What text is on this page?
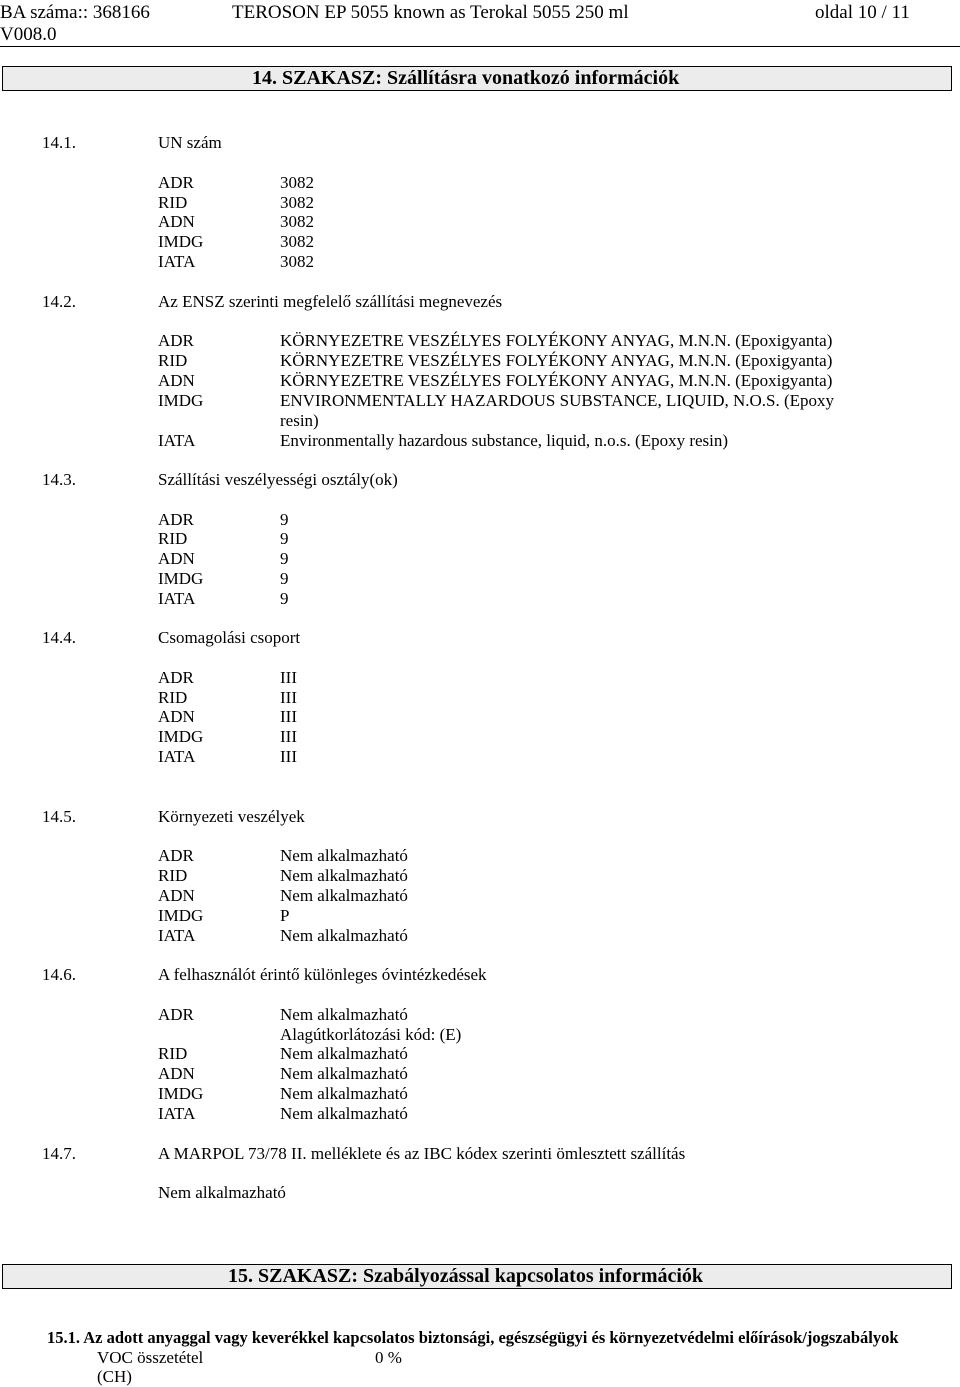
BA száma:: 368166
V008.0
TEROSON EP 5055 known as Terokal 5055 250 ml	oldal 10 / 11
14. SZAKASZ: Szállításra vonatkozó információk
14.1.	UN szám
ADR	3082
RID	3082
ADN	3082
IMDG	3082
IATA	3082
14.2.	Az ENSZ szerinti megfelelő szállítási megnevezés
ADR	KÖRNYEZETRE VESZÉLYES FOLYÉKONY ANYAG, M.N.N. (Epoxigyanta)
RID	KÖRNYEZETRE VESZÉLYES FOLYÉKONY ANYAG, M.N.N. (Epoxigyanta)
ADN	KÖRNYEZETRE VESZÉLYES FOLYÉKONY ANYAG, M.N.N. (Epoxigyanta)
IMDG	ENVIRONMENTALLY HAZARDOUS SUBSTANCE, LIQUID, N.O.S. (Epoxy resin)
IATA	Environmentally hazardous substance, liquid, n.o.s. (Epoxy resin)
14.3.	Szállítási veszélyességi osztály(ok)
ADR	9
RID	9
ADN	9
IMDG	9
IATA	9
14.4.	Csomagolási csoport
ADR	III
RID	III
ADN	III
IMDG	III
IATA	III
14.5.	Környezeti veszélyek
ADR	Nem alkalmazható
RID	Nem alkalmazható
ADN	Nem alkalmazható
IMDG	P
IATA	Nem alkalmazható
14.6.	A felhasználót érintő különleges óvintézkedések
ADR	Nem alkalmazható
Alagútkorlátozási kód: (E)
RID	Nem alkalmazható
ADN	Nem alkalmazható
IMDG	Nem alkalmazható
IATA	Nem alkalmazható
14.7.	A MARPOL 73/78 II. melléklete és az IBC kódex szerinti ömlesztett szállítás
Nem alkalmazható
15. SZAKASZ: Szabályozással kapcsolatos információk
15.1. Az adott anyaggal vagy keverékkel kapcsolatos biztonsági, egészségügyi és környezetvédelmi előírások/jogszabályok
VOC összetétel	0 %
(CH)
